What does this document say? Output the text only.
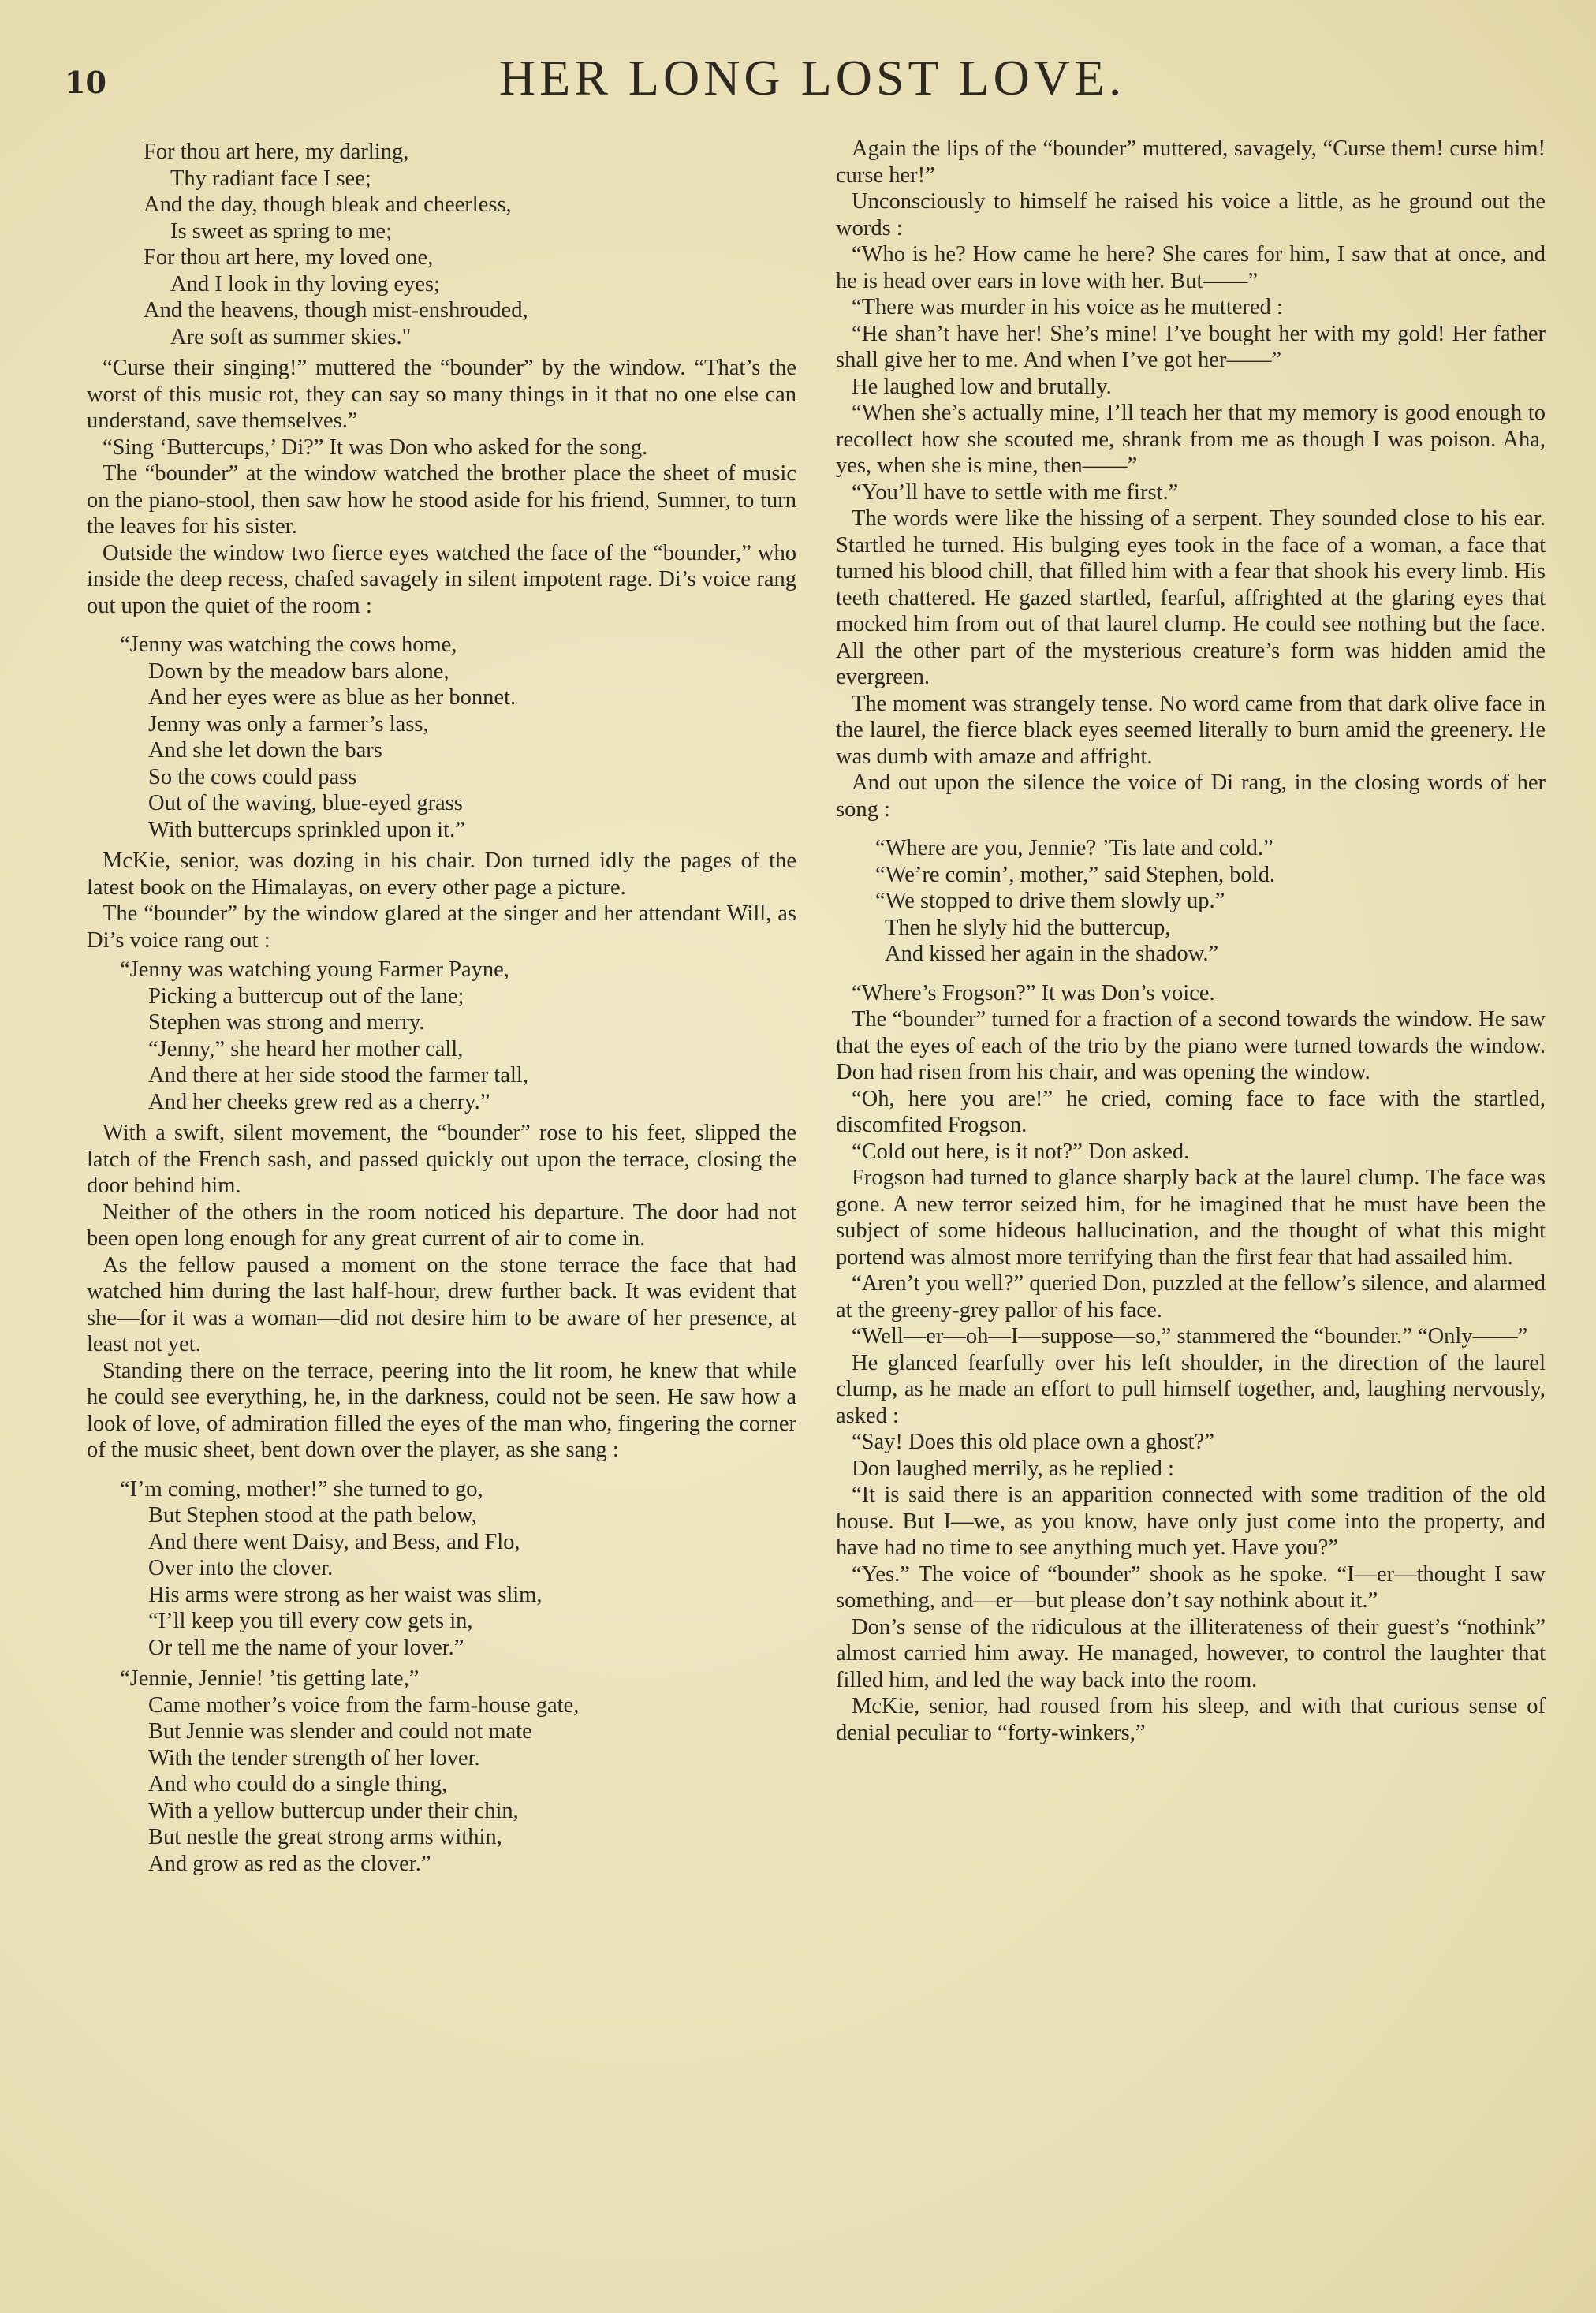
10	HER LONG LOST LOVE.
For thou art here, my darling,
Thy radiant face I see;
And the day, though bleak and cheerless,
Is sweet as spring to me;
For thou art here, my loved one,
And I look in thy loving eyes;
And the heavens, though mist-enshrouded,
Are soft as summer skies."

“Curse their singing!” muttered the “bounder” by the window. “That’s the worst of this music rot, they can say so many things in it that no one else can understand, save themselves.”

“Sing ‘Buttercups,’ Di?” It was Don who asked for the song.

The “bounder” at the window watched the brother place the sheet of music on the piano-stool, then saw how he stood aside for his friend, Sumner, to turn the leaves for his sister.

Outside the window two fierce eyes watched the face of the “bounder,” who inside the deep recess, chafed savagely in silent impotent rage. Di’s voice rang out upon the quiet of the room :

“Jenny was watching the cows home,
Down by the meadow bars alone,
And her eyes were as blue as her bonnet.
Jenny was only a farmer’s lass,
And she let down the bars
So the cows could pass
Out of the waving, blue-eyed grass
With buttercups sprinkled upon it.”

McKie, senior, was dozing in his chair. Don turned idly the pages of the latest book on the Himalayas, on every other page a picture.

The “bounder” by the window glared at the singer and her attendant Will, as Di’s voice rang out :

“Jenny was watching young Farmer Payne,
Picking a buttercup out of the lane;
Stephen was strong and merry.
“Jenny,” she heard her mother call,
And there at her side stood the farmer tall,
And her cheeks grew red as a cherry.”

With a swift, silent movement, the “bounder” rose to his feet, slipped the latch of the French sash, and passed quickly out upon the terrace, closing the door behind him.

Neither of the others in the room noticed his departure. The door had not been open long enough for any great current of air to come in.

As the fellow paused a moment on the stone terrace the face that had watched him during the last half-hour, drew further back. It was evident that she—for it was a woman—did not desire him to be aware of her presence, at least not yet.

Standing there on the terrace, peering into the lit room, he knew that while he could see everything, he, in the darkness, could not be seen. He saw how a look of love, of admiration filled the eyes of the man who, fingering the corner of the music sheet, bent down over the player, as she sang :

“I’m coming, mother!” she turned to go,
But Stephen stood at the path below,
And there went Daisy, and Bess, and Flo,
Over into the clover.
His arms were strong as her waist was slim,
“I’ll keep you till every cow gets in,
Or tell me the name of your lover.”
“Jennie, Jennie! ’tis getting late,”
Came mother’s voice from the farm-house gate,
But Jennie was slender and could not mate
With the tender strength of her lover.
And who could do a single thing,
With a yellow buttercup under their chin,
But nestle the great strong arms within,
And grow as red as the clover.”

Again the lips of the “bounder” muttered, savagely, “Curse them! curse him! curse her!”

Unconsciously to himself he raised his voice a little, as he ground out the words :

“Who is he? How came he here? She cares for him, I saw that at once, and he is head over ears in love with her. But——”

“There was murder in his voice as he muttered :

“He shan’t have her! She’s mine! I’ve bought her with my gold! Her father shall give her to me. And when I’ve got her——”

He laughed low and brutally.

“When she’s actually mine, I’ll teach her that my memory is good enough to recollect how she scouted me, shrank from me as though I was poison. Aha, yes, when she is mine, then——”

“You’ll have to settle with me first.”

The words were like the hissing of a serpent. They sounded close to his ear. Startled he turned. His bulging eyes took in the face of a woman, a face that turned his blood chill, that filled him with a fear that shook his every limb. His teeth chattered. He gazed startled, fearful, affrighted at the glaring eyes that mocked him from out of that laurel clump. He could see nothing but the face. All the other part of the mysterious creature’s form was hidden amid the evergreen.

The moment was strangely tense. No word came from that dark olive face in the laurel, the fierce black eyes seemed literally to burn amid the greenery. He was dumb with amaze and affright.

And out upon the silence the voice of Di rang, in the closing words of her song :

“Where are you, Jennie? ’Tis late and cold.”
“We’re comin’, mother,” said Stephen, bold.
“We stopped to drive them slowly up.”
Then he slyly hid the buttercup,
And kissed her again in the shadow.”

“Where’s Frogson?” It was Don’s voice.

The “bounder” turned for a fraction of a second towards the window. He saw that the eyes of each of the trio by the piano were turned towards the window. Don had risen from his chair, and was opening the window.

“Oh, here you are!” he cried, coming face to face with the startled, discomfited Frogson.

“Cold out here, is it not?” Don asked.

Frogson had turned to glance sharply back at the laurel clump. The face was gone. A new terror seized him, for he imagined that he must have been the subject of some hideous hallucination, and the thought of what this might portend was almost more terrifying than the first fear that had assailed him.

“Aren’t you well?” queried Don, puzzled at the fellow’s silence, and alarmed at the greeny-grey pallor of his face.

“Well—er—oh—I—suppose—so,” stammered the “bounder.” “Only——”

He glanced fearfully over his left shoulder, in the direction of the laurel clump, as he made an effort to pull himself together, and, laughing nervously, asked :

“Say! Does this old place own a ghost?”

Don laughed merrily, as he replied :

“It is said there is an apparition connected with some tradition of the old house. But I—we, as you know, have only just come into the property, and have had no time to see anything much yet. Have you?”

“Yes.” The voice of “bounder” shook as he spoke. “I—er—thought I saw something, and—er—but please don’t say nothink about it.”

Don’s sense of the ridiculous at the illiterateness of their guest’s “nothink” almost carried him away. He managed, however, to control the laughter that filled him, and led the way back into the room.

McKie, senior, had roused from his sleep, and with that curious sense of denial peculiar to “forty-winkers,”
